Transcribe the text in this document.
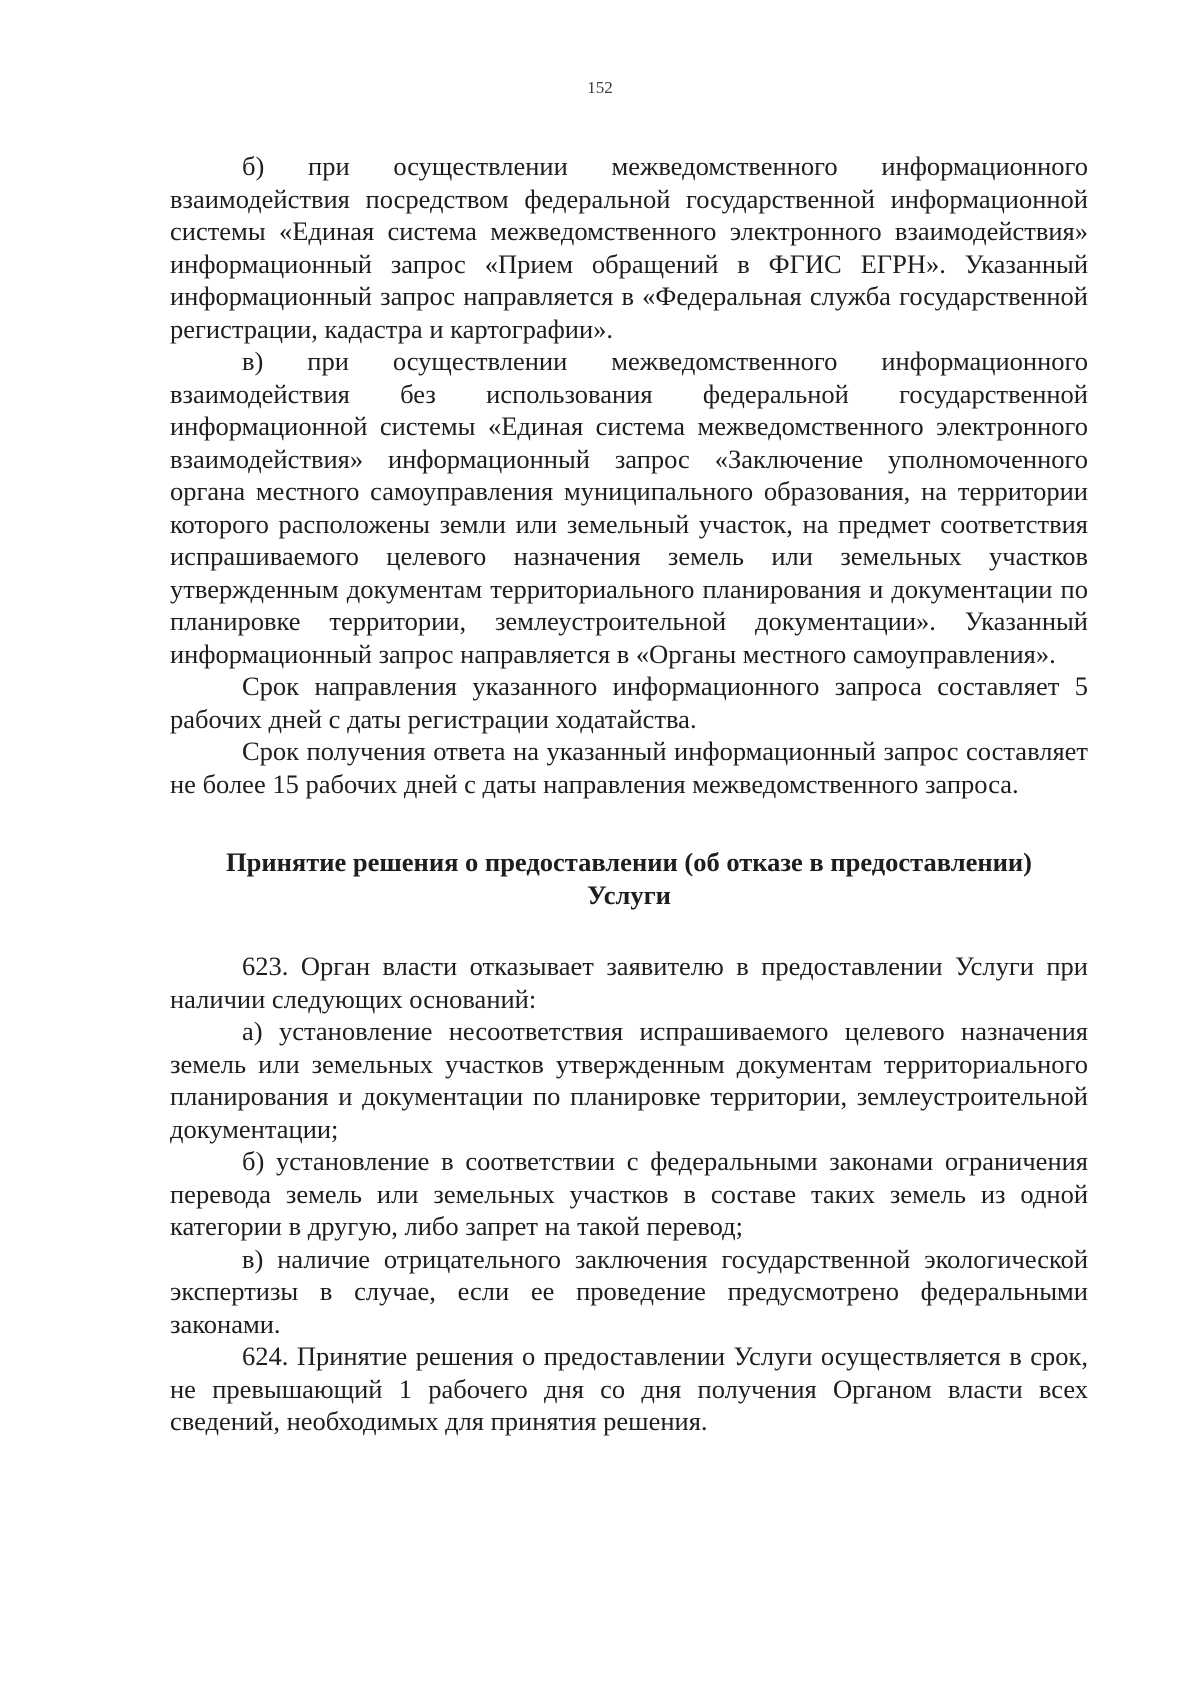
152

б) при осуществлении межведомственного информационного взаимодействия посредством федеральной государственной информационной системы «Единая система межведомственного электронного взаимодействия» информационный запрос «Прием обращений в ФГИС ЕГРН». Указанный информационный запрос направляется в «Федеральная служба государственной регистрации, кадастра и картографии».

в) при осуществлении межведомственного информационного взаимодействия без использования федеральной государственной информационной системы «Единая система межведомственного электронного взаимодействия» информационный запрос «Заключение уполномоченного органа местного самоуправления муниципального образования, на территории которого расположены земли или земельный участок, на предмет соответствия испрашиваемого целевого назначения земель или земельных участков утвержденным документам территориального планирования и документации по планировке территории, землеустроительной документации». Указанный информационный запрос направляется в «Органы местного самоуправления».

Срок направления указанного информационного запроса составляет 5 рабочих дней с даты регистрации ходатайства.

Срок получения ответа на указанный информационный запрос составляет не более 15 рабочих дней с даты направления межведомственного запроса.

Принятие решения о предоставлении (об отказе в предоставлении)
Услуги

623. Орган власти отказывает заявителю в предоставлении Услуги при наличии следующих оснований:

а) установление несоответствия испрашиваемого целевого назначения земель или земельных участков утвержденным документам территориального планирования и документации по планировке территории, землеустроительной документации;

б) установление в соответствии с федеральными законами ограничения перевода земель или земельных участков в составе таких земель из одной категории в другую, либо запрет на такой перевод;

в) наличие отрицательного заключения государственной экологической экспертизы в случае, если ее проведение предусмотрено федеральными законами.

624. Принятие решения о предоставлении Услуги осуществляется в срок, не превышающий 1 рабочего дня со дня получения Органом власти всех сведений, необходимых для принятия решения.
